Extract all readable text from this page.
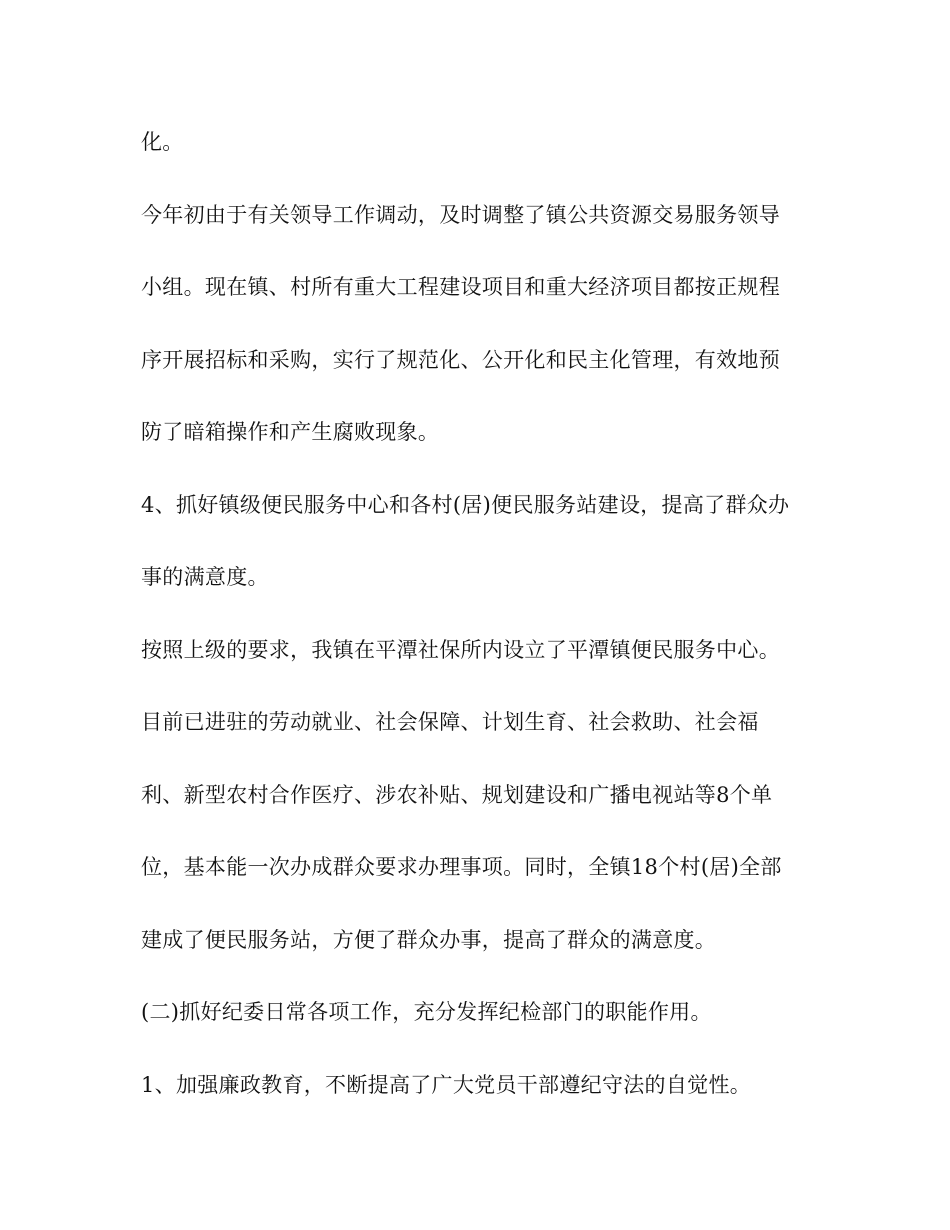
化。

今年初由于有关领导工作调动，及时调整了镇公共资源交易服务领导

小组。现在镇、村所有重大工程建设项目和重大经济项目都按正规程

序开展招标和采购，实行了规范化、公开化和民主化管理，有效地预

防了暗箱操作和产生腐败现象。

4、抓好镇级便民服务中心和各村(居)便民服务站建设，提高了群众办

事的满意度。

按照上级的要求，我镇在平潭社保所内设立了平潭镇便民服务中心。

目前已进驻的劳动就业、社会保障、计划生育、社会救助、社会福

利、新型农村合作医疗、涉农补贴、规划建设和广播电视站等8个单

位，基本能一次办成群众要求办理事项。同时，全镇18个村(居)全部

建成了便民服务站，方便了群众办事，提高了群众的满意度。

(二)抓好纪委日常各项工作，充分发挥纪检部门的职能作用。

1、加强廉政教育，不断提高了广大党员干部遵纪守法的自觉性。
